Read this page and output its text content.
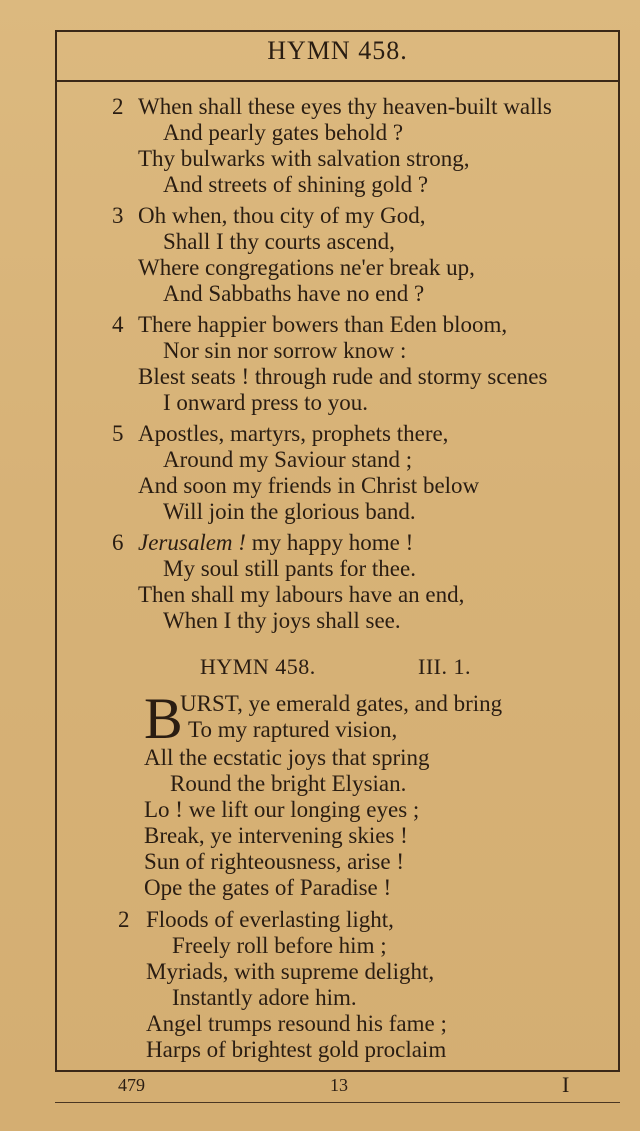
HYMN 458.
2 When shall these eyes thy heaven-built walls
And pearly gates behold ?
Thy bulwarks with salvation strong,
And streets of shining gold ?
3 Oh when, thou city of my God,
Shall I thy courts ascend,
Where congregations ne'er break up,
And Sabbaths have no end ?
4 There happier bowers than Eden bloom,
Nor sin nor sorrow know :
Blest seats ! through rude and stormy scenes
I onward press to you.
5 Apostles, martyrs, prophets there,
Around my Saviour stand ;
And soon my friends in Christ below
Will join the glorious band.
6 Jerusalem ! my happy home !
My soul still pants for thee.
Then shall my labours have an end,
When I thy joys shall see.
HYMN 458.	III. 1.
B
URST, ye emerald gates, and bring
To my raptured vision,
All the ecstatic joys that spring
Round the bright Elysian.
Lo ! we lift our longing eyes ;
Break, ye intervening skies !
Sun of righteousness, arise !
Ope the gates of Paradise !
2 Floods of everlasting light,
Freely roll before him ;
Myriads, with supreme delight,
Instantly adore him.
Angel trumps resound his fame ;
Harps of brightest gold proclaim
479	13	I
